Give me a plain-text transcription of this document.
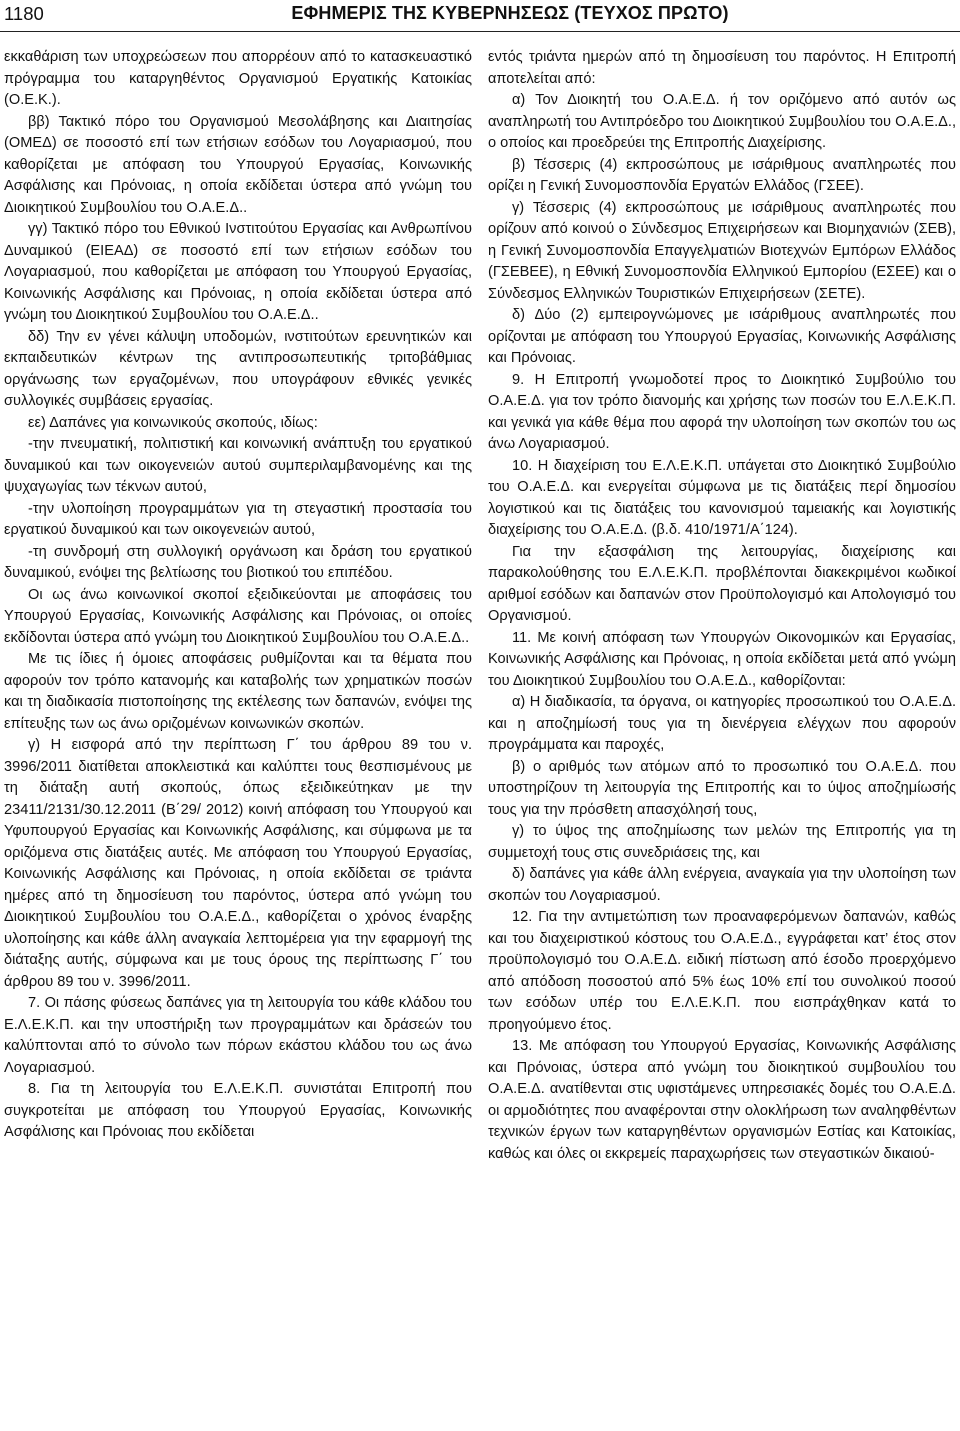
1180	ΕΦΗΜΕΡΙΣ ΤΗΣ ΚΥΒΕΡΝΗΣΕΩΣ (ΤΕΥΧΟΣ ΠΡΩΤΟ)

εκκαθάριση των υποχρεώσεων που απορρέουν από το κατασκευαστικό πρόγραμμα του καταργηθέντος Οργανισμού Εργατικής Κατοικίας (Ο.Ε.Κ.).

ββ) Τακτικό πόρο του Οργανισμού Μεσολάβησης και Διαιτησίας (ΟΜΕΔ) σε ποσοστό επί των ετήσιων εσόδων του Λογαριασμού, που καθορίζεται με απόφαση του Υπουργού Εργασίας, Κοινωνικής Ασφάλισης και Πρόνοιας, η οποία εκδίδεται ύστερα από γνώμη του Διοικητικού Συμβουλίου του Ο.Α.Ε.Δ..

γγ) Τακτικό πόρο του Εθνικού Ινστιτούτου Εργασίας και Ανθρωπίνου Δυναμικού (ΕΙΕΑΔ) σε ποσοστό επί των ετήσιων εσόδων του Λογαριασμού, που καθορίζεται με απόφαση του Υπουργού Εργασίας, Κοινωνικής Ασφάλισης και Πρόνοιας, η οποία εκδίδεται ύστερα από γνώμη του Διοικητικού Συμβουλίου του Ο.Α.Ε.Δ..

δδ) Την εν γένει κάλυψη υποδομών, ινστιτούτων ερευνητικών και εκπαιδευτικών κέντρων της αντιπροσωπευτικής τριτοβάθμιας οργάνωσης των εργαζομένων, που υπογράφουν εθνικές γενικές συλλογικές συμβάσεις εργασίας.

εε) Δαπάνες για κοινωνικούς σκοπούς, ιδίως:

-την πνευματική, πολιτιστική και κοινωνική ανάπτυξη του εργατικού δυναμικού και των οικογενειών αυτού συμπεριλαμβανομένης και της ψυχαγωγίας των τέκνων αυτού,

-την υλοποίηση προγραμμάτων για τη στεγαστική προστασία του εργατικού δυναμικού και των οικογενειών αυτού,

-τη συνδρομή στη συλλογική οργάνωση και δράση του εργατικού δυναμικού, ενόψει της βελτίωσης του βιοτικού του επιπέδου.

Οι ως άνω κοινωνικοί σκοποί εξειδικεύονται με αποφάσεις του Υπουργού Εργασίας, Κοινωνικής Ασφάλισης και Πρόνοιας, οι οποίες εκδίδονται ύστερα από γνώμη του Διοικητικού Συμβουλίου του Ο.Α.Ε.Δ..

Με τις ίδιες ή όμοιες αποφάσεις ρυθμίζονται και τα θέματα που αφορούν τον τρόπο κατανομής και καταβολής των χρηματικών ποσών και τη διαδικασία πιστοποίησης της εκτέλεσης των δαπανών, ενόψει της επίτευξης των ως άνω οριζομένων κοινωνικών σκοπών.

γ) Η εισφορά από την περίπτωση Γ΄ του άρθρου 89 του ν. 3996/2011 διατίθεται αποκλειστικά και καλύπτει τους θεσπισμένους με τη διάταξη αυτή σκοπούς, όπως εξειδικεύτηκαν με την 23411/2131/30.12.2011 (Β΄29/ 2012) κοινή απόφαση του Υπουργού και Υφυπουργού Εργασίας και Κοινωνικής Ασφάλισης, και σύμφωνα με τα οριζόμενα στις διατάξεις αυτές. Με απόφαση του Υπουργού Εργασίας, Κοινωνικής Ασφάλισης και Πρόνοιας, η οποία εκδίδεται σε τριάντα ημέρες από τη δημοσίευση του παρόντος, ύστερα από γνώμη του Διοικητικού Συμβουλίου του Ο.Α.Ε.Δ., καθορίζεται ο χρόνος έναρξης υλοποίησης και κάθε άλλη αναγκαία λεπτομέρεια για την εφαρμογή της διάταξης αυτής, σύμφωνα και με τους όρους της περίπτωσης Γ΄ του άρθρου 89 του ν. 3996/2011.

7. Οι πάσης φύσεως δαπάνες για τη λειτουργία του κάθε κλάδου του Ε.Λ.Ε.Κ.Π. και την υποστήριξη των προγραμμάτων και δράσεών του καλύπτονται από το σύνολο των πόρων εκάστου κλάδου του ως άνω Λογαριασμού.

8. Για τη λειτουργία του Ε.Λ.Ε.Κ.Π. συνιστάται Επιτροπή που συγκροτείται με απόφαση του Υπουργού Εργασίας, Κοινωνικής Ασφάλισης και Πρόνοιας που εκδίδεται

εντός τριάντα ημερών από τη δημοσίευση του παρόντος. Η Επιτροπή αποτελείται από:

α) Τον Διοικητή του Ο.Α.Ε.Δ. ή τον οριζόμενο από αυτόν ως αναπληρωτή του Αντιπρόεδρο του Διοικητικού Συμβουλίου του Ο.Α.Ε.Δ., ο οποίος και προεδρεύει της Επιτροπής Διαχείρισης.

β) Τέσσερις (4) εκπροσώπους με ισάριθμους αναπληρωτές που ορίζει η Γενική Συνομοσπονδία Εργατών Ελλάδος (ΓΣΕΕ).

γ) Τέσσερις (4) εκπροσώπους με ισάριθμους αναπληρωτές που ορίζουν από κοινού ο Σύνδεσμος Επιχειρήσεων και Βιομηχανιών (ΣΕΒ), η Γενική Συνομοσπονδία Επαγγελματιών Βιοτεχνών Εμπόρων Ελλάδος (ΓΣΕΒΕΕ), η Εθνική Συνομοσπονδία Ελληνικού Εμπορίου (ΕΣΕΕ) και ο Σύνδεσμος Ελληνικών Τουριστικών Επιχειρήσεων (ΣΕΤΕ).

δ) Δύο (2) εμπειρογνώμονες με ισάριθμους αναπληρωτές που ορίζονται με απόφαση του Υπουργού Εργασίας, Κοινωνικής Ασφάλισης και Πρόνοιας.

9. Η Επιτροπή γνωμοδοτεί προς το Διοικητικό Συμβούλιο του Ο.Α.Ε.Δ. για τον τρόπο διανομής και χρήσης των ποσών του Ε.Λ.Ε.Κ.Π. και γενικά για κάθε θέμα που αφορά την υλοποίηση των σκοπών του ως άνω Λογαριασμού.

10. Η διαχείριση του Ε.Λ.Ε.Κ.Π. υπάγεται στο Διοικητικό Συμβούλιο του Ο.Α.Ε.Δ. και ενεργείται σύμφωνα με τις διατάξεις περί δημοσίου λογιστικού και τις διατάξεις του κανονισμού ταμειακής και λογιστικής διαχείρισης του Ο.Α.Ε.Δ. (β.δ. 410/1971/Α΄124).

Για την εξασφάλιση της λειτουργίας, διαχείρισης και παρακολούθησης του Ε.Λ.Ε.Κ.Π. προβλέπονται διακεκριμένοι κωδικοί αριθμοί εσόδων και δαπανών στον Προϋπολογισμό και Απολογισμό του Οργανισμού.

11. Με κοινή απόφαση των Υπουργών Οικονομικών και Εργασίας, Κοινωνικής Ασφάλισης και Πρόνοιας, η οποία εκδίδεται μετά από γνώμη του Διοικητικού Συμβουλίου του Ο.Α.Ε.Δ., καθορίζονται:

α) Η διαδικασία, τα όργανα, οι κατηγορίες προσωπικού του Ο.Α.Ε.Δ. και η αποζημίωσή τους για τη διενέργεια ελέγχων που αφορούν προγράμματα και παροχές,

β) ο αριθμός των ατόμων από το προσωπικό του Ο.Α.Ε.Δ. που υποστηρίζουν τη λειτουργία της Επιτροπής και το ύψος αποζημίωσής τους για την πρόσθετη απασχόλησή τους,

γ) το ύψος της αποζημίωσης των μελών της Επιτροπής για τη συμμετοχή τους στις συνεδριάσεις της, και

δ) δαπάνες για κάθε άλλη ενέργεια, αναγκαία για την υλοποίηση των σκοπών του Λογαριασμού.

12. Για την αντιμετώπιση των προαναφερόμενων δαπανών, καθώς και του διαχειριστικού κόστους του Ο.Α.Ε.Δ., εγγράφεται κατ’ έτος στον προϋπολογισμό του Ο.Α.Ε.Δ. ειδική πίστωση από έσοδο προερχόμενο από απόδοση ποσοστού από 5% έως 10% επί του συνολικού ποσού των εσόδων υπέρ του Ε.Λ.Ε.Κ.Π. που εισπράχθηκαν κατά το προηγούμενο έτος.

13. Με απόφαση του Υπουργού Εργασίας, Κοινωνικής Ασφάλισης και Πρόνοιας, ύστερα από γνώμη του διοικητικού συμβουλίου του Ο.Α.Ε.Δ. ανατίθενται στις υφιστάμενες υπηρεσιακές δομές του Ο.Α.Ε.Δ. οι αρμοδιότητες που αναφέρονται στην ολοκλήρωση των αναληφθέντων τεχνικών έργων των καταργηθέντων οργανισμών Εστίας και Κατοικίας, καθώς και όλες οι εκκρεμείς παραχωρήσεις των στεγαστικών δικαιού-
